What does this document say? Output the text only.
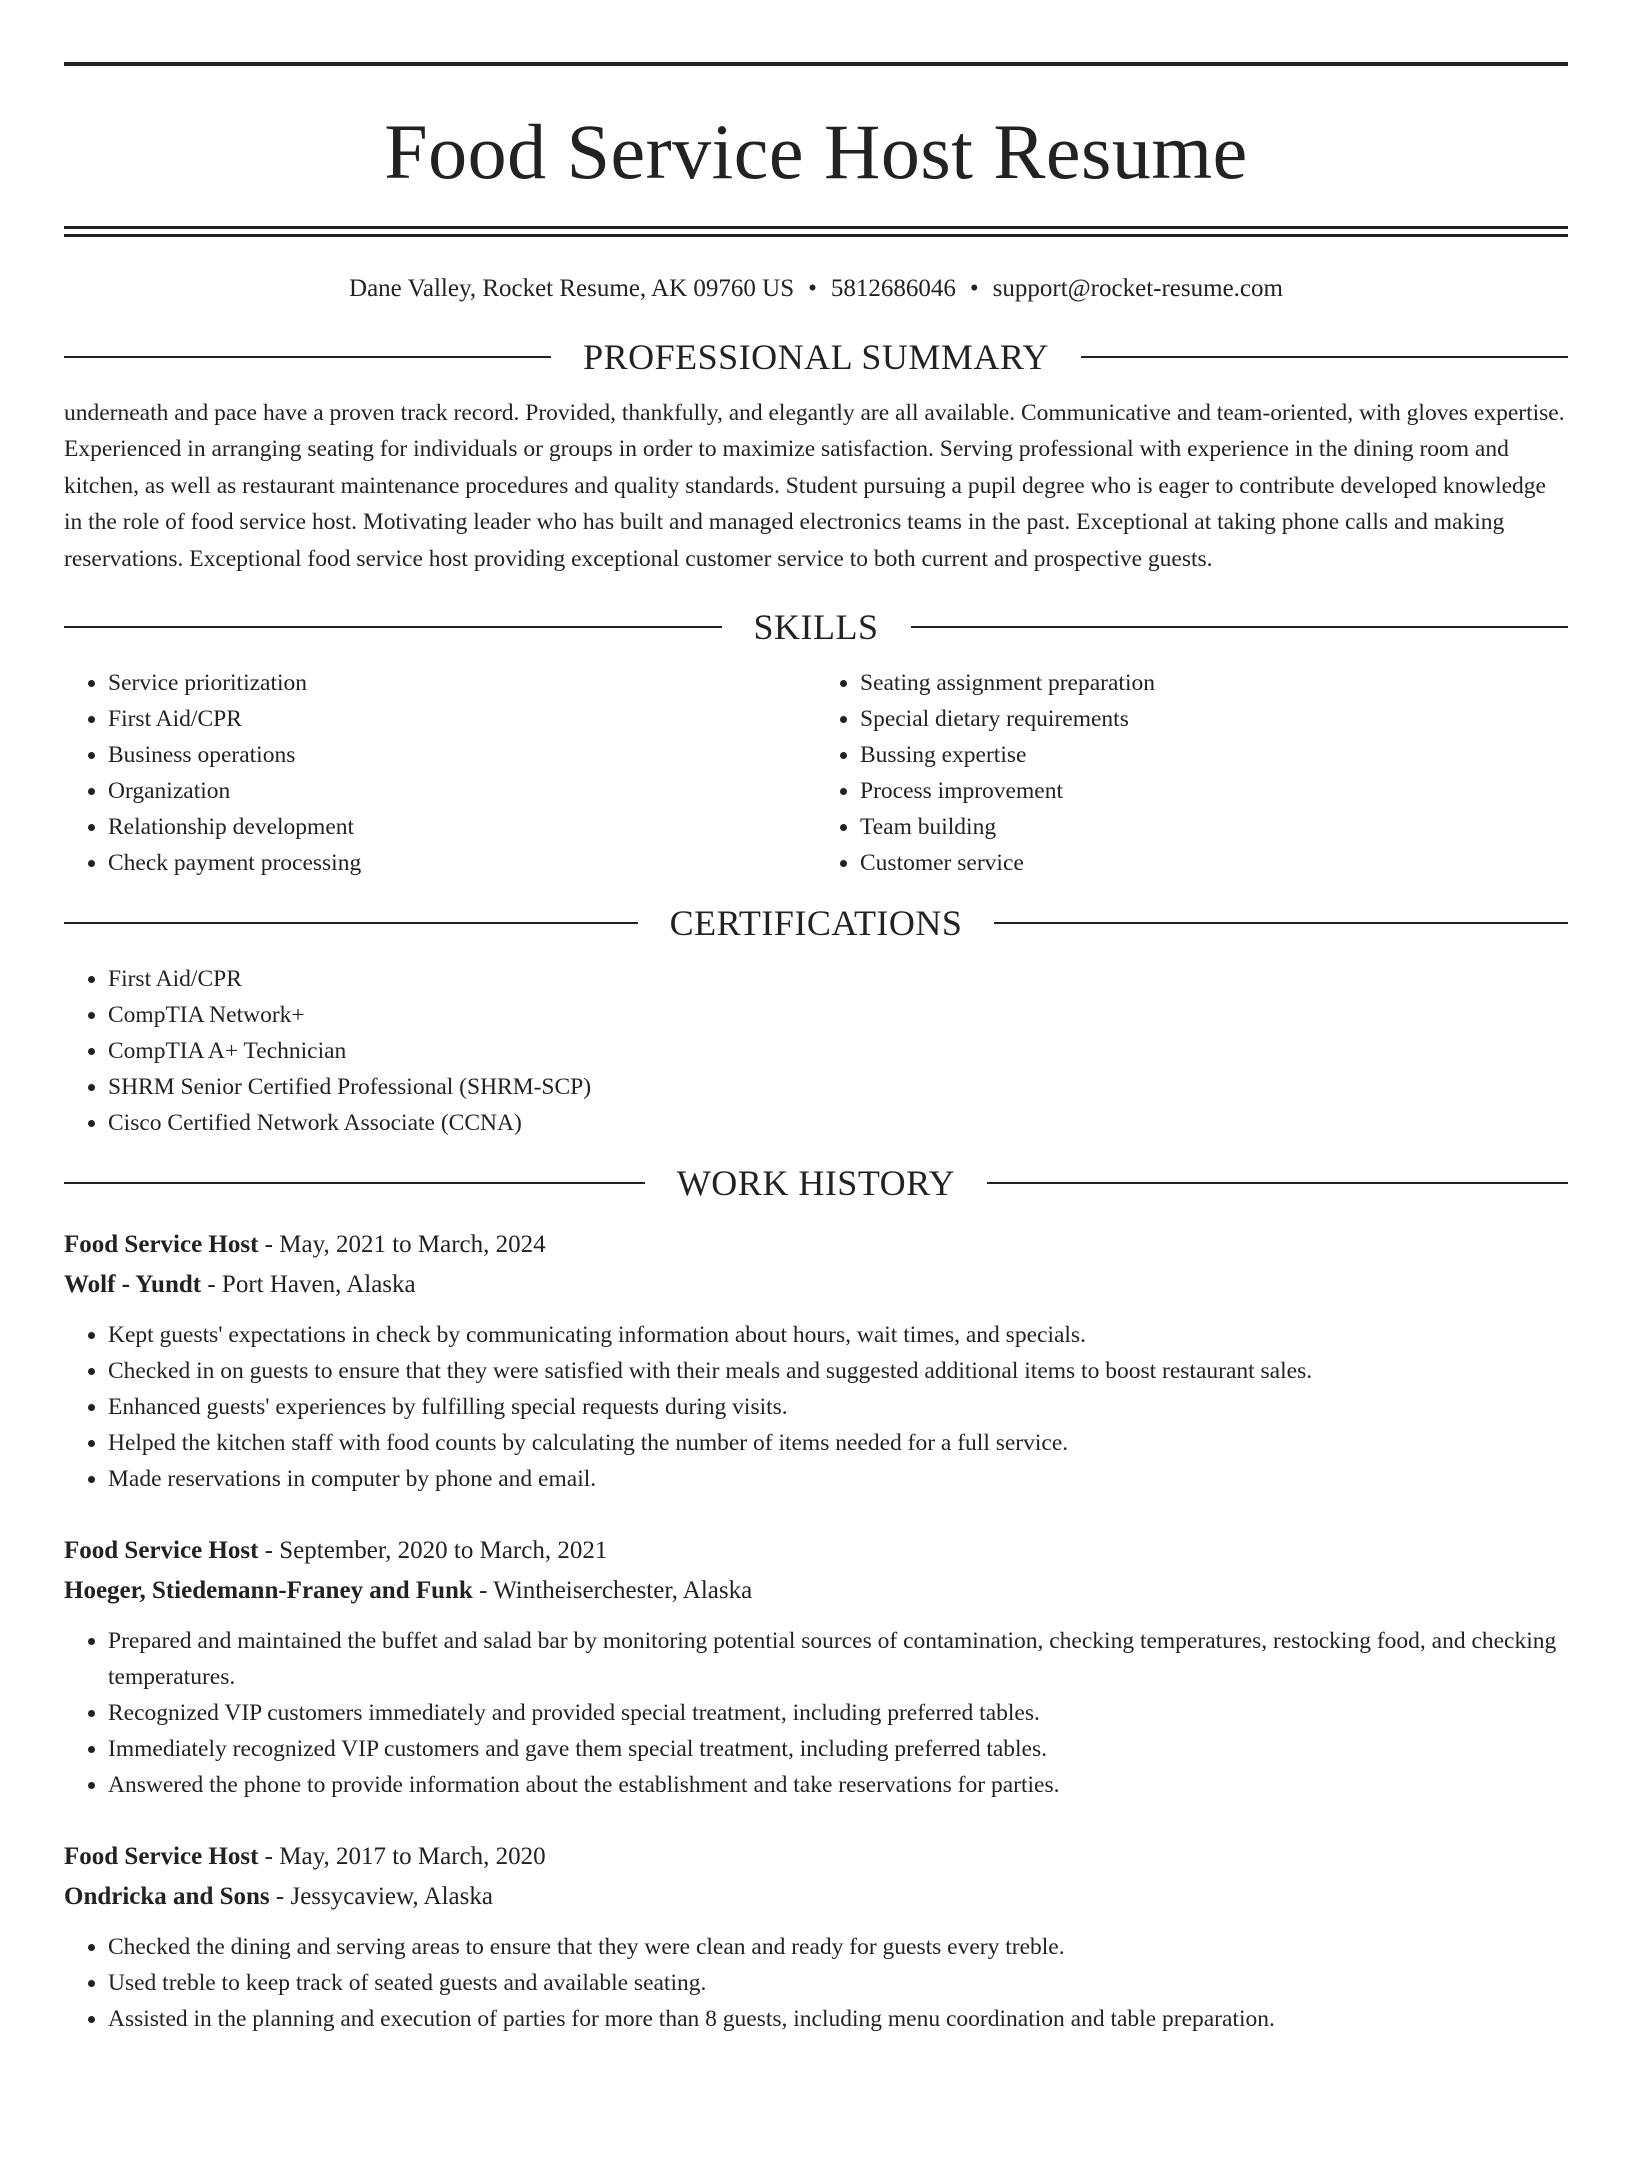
Food Service Host Resume
Dane Valley, Rocket Resume, AK 09760 US • 5812686046 • support@rocket-resume.com
PROFESSIONAL SUMMARY
underneath and pace have a proven track record. Provided, thankfully, and elegantly are all available. Communicative and team-oriented, with gloves expertise. Experienced in arranging seating for individuals or groups in order to maximize satisfaction. Serving professional with experience in the dining room and kitchen, as well as restaurant maintenance procedures and quality standards. Student pursuing a pupil degree who is eager to contribute developed knowledge in the role of food service host. Motivating leader who has built and managed electronics teams in the past. Exceptional at taking phone calls and making reservations. Exceptional food service host providing exceptional customer service to both current and prospective guests.
SKILLS
• Service prioritization
• First Aid/CPR
• Business operations
• Organization
• Relationship development
• Check payment processing
• Seating assignment preparation
• Special dietary requirements
• Bussing expertise
• Process improvement
• Team building
• Customer service
CERTIFICATIONS
• First Aid/CPR
• CompTIA Network+
• CompTIA A+ Technician
• SHRM Senior Certified Professional (SHRM-SCP)
• Cisco Certified Network Associate (CCNA)
WORK HISTORY
Food Service Host - May, 2021 to March, 2024
Wolf - Yundt - Port Haven, Alaska
• Kept guests' expectations in check by communicating information about hours, wait times, and specials.
• Checked in on guests to ensure that they were satisfied with their meals and suggested additional items to boost restaurant sales.
• Enhanced guests' experiences by fulfilling special requests during visits.
• Helped the kitchen staff with food counts by calculating the number of items needed for a full service.
• Made reservations in computer by phone and email.
Food Service Host - September, 2020 to March, 2021
Hoeger, Stiedemann-Franey and Funk - Wintheiserchester, Alaska
• Prepared and maintained the buffet and salad bar by monitoring potential sources of contamination, checking temperatures, restocking food, and checking temperatures.
• Recognized VIP customers immediately and provided special treatment, including preferred tables.
• Immediately recognized VIP customers and gave them special treatment, including preferred tables.
• Answered the phone to provide information about the establishment and take reservations for parties.
Food Service Host - May, 2017 to March, 2020
Ondricka and Sons - Jessycaview, Alaska
• Checked the dining and serving areas to ensure that they were clean and ready for guests every treble.
• Used treble to keep track of seated guests and available seating.
• Assisted in the planning and execution of parties for more than 8 guests, including menu coordination and table preparation.
